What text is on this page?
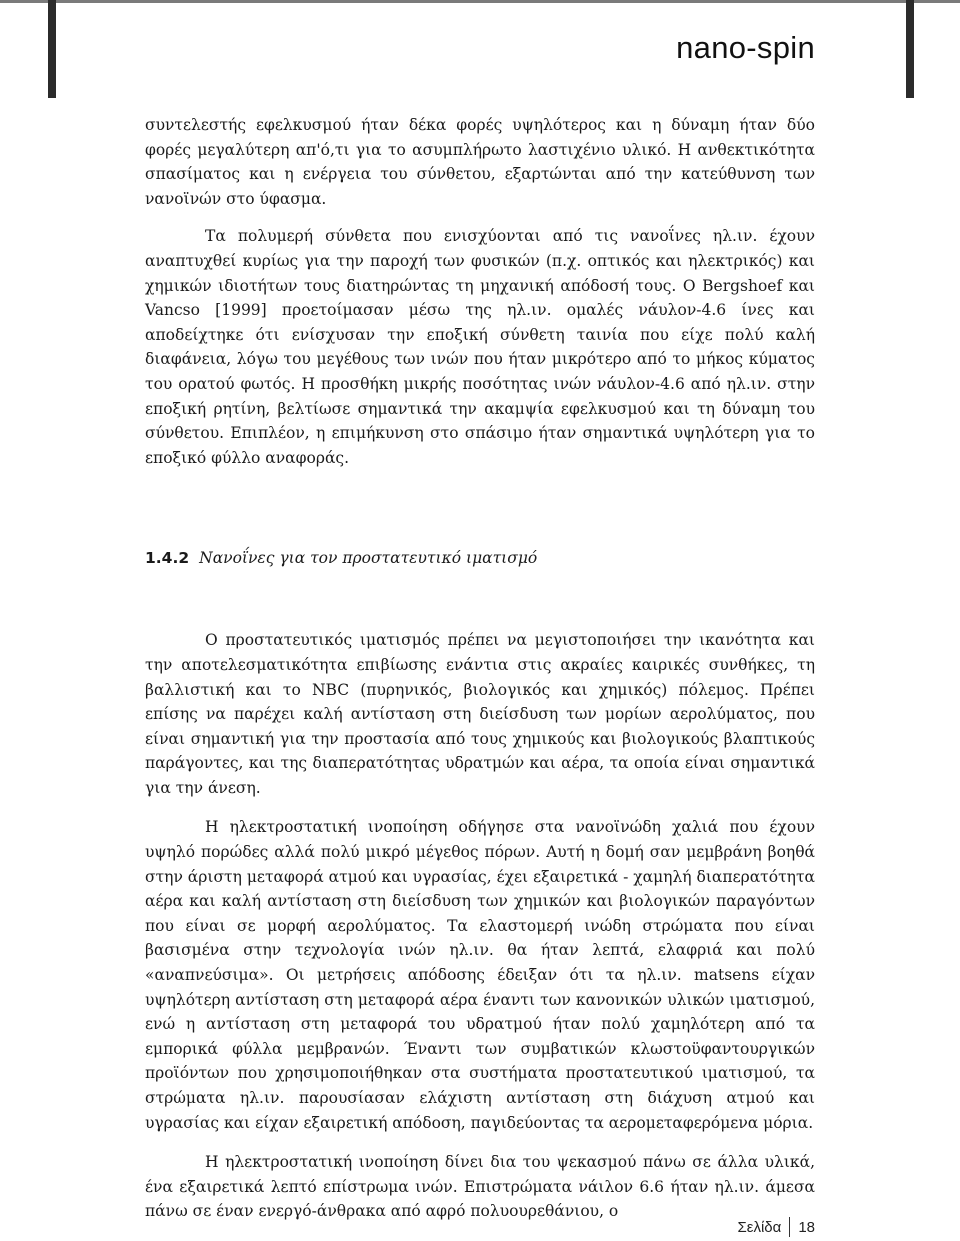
nano-spin

συντελεστής εφελκυσμού ήταν δέκα φορές υψηλότερος και η δύναμη ήταν δύο φορές μεγαλύτερη απ'ό,τι για το ασυμπλήρωτο λαστιχένιο υλικό. Η ανθεκτικότητα σπασίματος και η ενέργεια του σύνθετου, εξαρτώνται από την κατεύθυνση των νανοϊνών στο ύφασμα.

Τα πολυμερή σύνθετα που ενισχύονται από τις νανοΐνες ηλ.ιν. έχουν αναπτυχθεί κυρίως για την παροχή των φυσικών (π.χ. οπτικός και ηλεκτρικός) και χημικών ιδιοτήτων τους διατηρώντας τη μηχανική απόδοσή τους. Ο Bergshoef και Vancso [1999] προετοίμασαν μέσω της ηλ.ιν. ομαλές νάυλον-4.6 ίνες και αποδείχτηκε ότι ενίσχυσαν την εποξική σύνθετη ταινία που είχε πολύ καλή διαφάνεια, λόγω του μεγέθους των ινών που ήταν μικρότερο από το μήκος κύματος του ορατού φωτός. Η προσθήκη μικρής ποσότητας ινών νάυλον-4.6 από ηλ.ιν. στην εποξική ρητίνη, βελτίωσε σημαντικά την ακαμψία εφελκυσμού και τη δύναμη του σύνθετου. Επιπλέον, η επιμήκυνση στο σπάσιμο ήταν σημαντικά υψηλότερη για το εποξικό φύλλο αναφοράς.

1.4.2 Νανοΐνες για τον προστατευτικό ιματισμό

Ο προστατευτικός ιματισμός πρέπει να μεγιστοποιήσει την ικανότητα και την αποτελεσματικότητα επιβίωσης ενάντια στις ακραίες καιρικές συνθήκες, τη βαλλιστική και το NBC (πυρηνικός, βιολογικός και χημικός) πόλεμος. Πρέπει επίσης να παρέχει καλή αντίσταση στη διείσδυση των μορίων αερολύματος, που είναι σημαντική για την προστασία από τους χημικούς και βιολογικούς βλαπτικούς παράγοντες, και της διαπερατότητας υδρατμών και αέρα, τα οποία είναι σημαντικά για την άνεση.

Η ηλεκτροστατική ινοποίηση οδήγησε στα νανοϊνώδη χαλιά που έχουν υψηλό πορώδες αλλά πολύ μικρό μέγεθος πόρων. Αυτή η δομή σαν μεμβράνη βοηθά στην άριστη μεταφορά ατμού και υγρασίας, έχει εξαιρετικά - χαμηλή διαπερατότητα αέρα και καλή αντίσταση στη διείσδυση των χημικών και βιολογικών παραγόντων που είναι σε μορφή αερολύματος. Τα ελαστομερή ινώδη στρώματα που είναι βασισμένα στην τεχνολογία ινών ηλ.ιν. θα ήταν λεπτά, ελαφριά και πολύ «αναπνεύσιμα». Οι μετρήσεις απόδοσης έδειξαν ότι τα ηλ.ιν. matsens είχαν υψηλότερη αντίσταση στη μεταφορά αέρα έναντι των κανονικών υλικών ιματισμού, ενώ η αντίσταση στη μεταφορά του υδρατμού ήταν πολύ χαμηλότερη από τα εμπορικά φύλλα μεμβρανών. Έναντι των συμβατικών κλωστοϋφαντουργικών προϊόντων που χρησιμοποιήθηκαν στα συστήματα προστατευτικού ιματισμού, τα στρώματα ηλ.ιν. παρουσίασαν ελάχιστη αντίσταση στη διάχυση ατμού και υγρασίας και είχαν εξαιρετική απόδοση, παγιδεύοντας τα αερομεταφερόμενα μόρια.

Η ηλεκτροστατική ινοποίηση δίνει δια του ψεκασμού πάνω σε άλλα υλικά, ένα εξαιρετικά λεπτό επίστρωμα ινών. Επιστρώματα νάιλον 6.6 ήταν ηλ.ιν. άμεσα πάνω σε έναν ενεργό-άνθρακα από αφρό πολυουρεθάνιου, ο

Σελίδα 18
